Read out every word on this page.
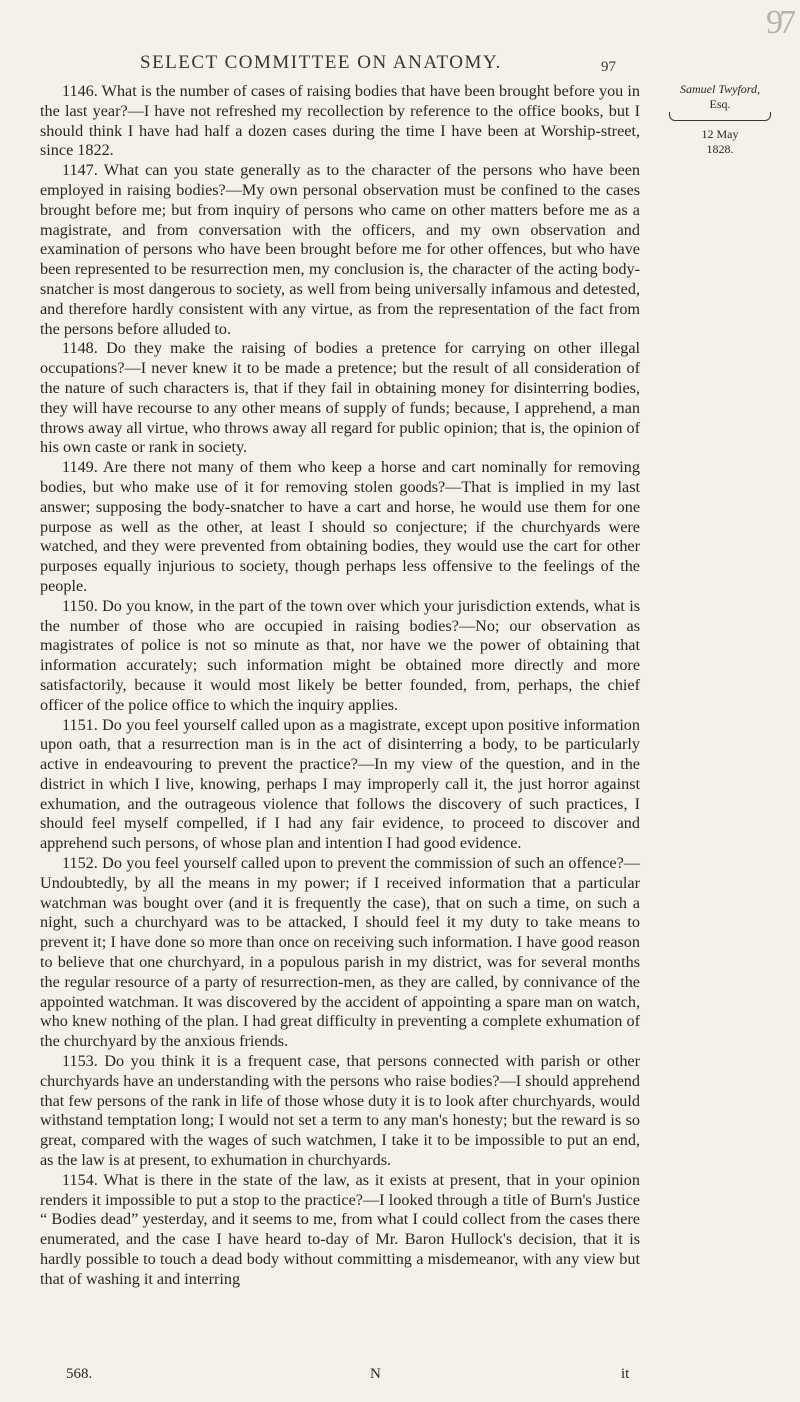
97
SELECT COMMITTEE ON ANATOMY.	97
Samuel Twyford,
Esq.
12 May
1828.

1146. What is the number of cases of raising bodies that have been brought before you in the last year?—I have not refreshed my recollection by reference to the office books, but I should think I have had half a dozen cases during the time I have been at Worship-street, since 1822.

1147. What can you state generally as to the character of the persons who have been employed in raising bodies?—My own personal observation must be confined to the cases brought before me; but from inquiry of persons who came on other matters before me as a magistrate, and from conversation with the officers, and my own observation and examination of persons who have been brought before me for other offences, but who have been represented to be resurrection men, my conclusion is, the character of the acting body-snatcher is most dangerous to society, as well from being universally infamous and detested, and therefore hardly consistent with any virtue, as from the representation of the fact from the persons before alluded to.

1148. Do they make the raising of bodies a pretence for carrying on other illegal occupations?—I never knew it to be made a pretence; but the result of all consideration of the nature of such characters is, that if they fail in obtaining money for disinterring bodies, they will have recourse to any other means of supply of funds; because, I apprehend, a man throws away all virtue, who throws away all regard for public opinion; that is, the opinion of his own caste or rank in society.

1149. Are there not many of them who keep a horse and cart nominally for removing bodies, but who make use of it for removing stolen goods?—That is implied in my last answer; supposing the body-snatcher to have a cart and horse, he would use them for one purpose as well as the other, at least I should so conjecture; if the churchyards were watched, and they were prevented from obtaining bodies, they would use the cart for other purposes equally injurious to society, though perhaps less offensive to the feelings of the people.

1150. Do you know, in the part of the town over which your jurisdiction extends, what is the number of those who are occupied in raising bodies?—No; our observation as magistrates of police is not so minute as that, nor have we the power of obtaining that information accurately; such information might be obtained more directly and more satisfactorily, because it would most likely be better founded, from, perhaps, the chief officer of the police office to which the inquiry applies.

1151. Do you feel yourself called upon as a magistrate, except upon positive information upon oath, that a resurrection man is in the act of disinterring a body, to be particularly active in endeavouring to prevent the practice?—In my view of the question, and in the district in which I live, knowing, perhaps I may improperly call it, the just horror against exhumation, and the outrageous violence that follows the discovery of such practices, I should feel myself compelled, if I had any fair evidence, to proceed to discover and apprehend such persons, of whose plan and intention I had good evidence.

1152. Do you feel yourself called upon to prevent the commission of such an offence?—Undoubtedly, by all the means in my power; if I received information that a particular watchman was bought over (and it is frequently the case), that on such a time, on such a night, such a churchyard was to be attacked, I should feel it my duty to take means to prevent it; I have done so more than once on receiving such information. I have good reason to believe that one churchyard, in a populous parish in my district, was for several months the regular resource of a party of resurrection-men, as they are called, by connivance of the appointed watchman. It was discovered by the accident of appointing a spare man on watch, who knew nothing of the plan. I had great difficulty in preventing a complete exhumation of the churchyard by the anxious friends.

1153. Do you think it is a frequent case, that persons connected with parish or other churchyards have an understanding with the persons who raise bodies?—I should apprehend that few persons of the rank in life of those whose duty it is to look after churchyards, would withstand temptation long; I would not set a term to any man's honesty; but the reward is so great, compared with the wages of such watchmen, I take it to be impossible to put an end, as the law is at present, to exhumation in churchyards.

1154. What is there in the state of the law, as it exists at present, that in your opinion renders it impossible to put a stop to the practice?—I looked through a title of Burn's Justice “ Bodies dead” yesterday, and it seems to me, from what I could collect from the cases there enumerated, and the case I have heard to-day of Mr. Baron Hullock's decision, that it is hardly possible to touch a dead body without committing a misdemeanor, with any view but that of washing it and interring

568.	N	it
